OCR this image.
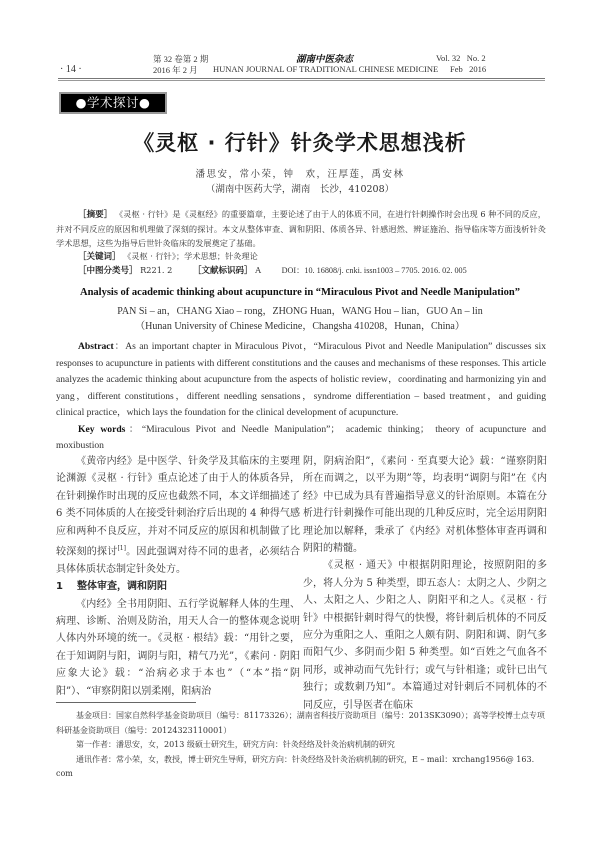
第 32 卷第 2 期	湖南中医杂志	Vol. 32   No. 2
· 14 ·	2016 年 2 月 HUNAN JOURNAL OF TRADITIONAL CHINESE MEDICINE Feb   2016
●学术探讨●
《灵枢 · 行针》针灸学术思想浅析
潘思安，常小荣，钟　欢，汪厚莲，禹安林
（湖南中医药大学，湖南　长沙，410208）
［摘要］ 《灵枢 · 行针》是《灵枢经》的重要篇章，主要论述了由于人的体质不同，在进行针刺操作时会出现 6 种不同的反应，并对不同反应的原因和机理做了深刻的探讨。本文从整体审查、调和阴阳、体质各异、针感迥然、辨证施治、指导临床等方面浅析针灸学术思想，这些为指导后世针灸临床的发展奠定了基础。
［关键词］ 《灵枢 · 行针》；学术思想；针灸理论
［中图分类号］ R221. 2 ［文献标识码］ A	DOI：10. 16808/j. cnki. issn1003 – 7705. 2016. 02. 005
Analysis of academic thinking about acupuncture in “Miraculous Pivot and Needle Manipulation”
PAN Si – an，CHANG Xiao – rong，ZHONG Huan，WANG Hou – lian，GUO An – lin
（Hunan University of Chinese Medicine，Changsha 410208，Hunan，China）
Abstract：As an important chapter in Miraculous Pivot，“Miraculous Pivot and Needle Manipulation” discusses six responses to acupuncture in patients with different constitutions and the causes and mechanisms of these responses. This article analyzes the academic thinking about acupuncture from the aspects of holistic review，coordinating and harmonizing yin and yang，different constitutions，different needling sensations，syndrome differentiation – based treatment，and guiding clinical practice，which lays the foundation for the clinical development of acupuncture.
Key words：“Miraculous Pivot and Needle Manipulation”； academic thinking； theory of acupuncture and moxibustion

《黄帝内经》是中医学、针灸学及其临床的主要理论渊源《灵枢 · 行针》重点论述了由于人的体质各异，在针刺操作时出现的反应也截然不同，本文详细描述了 6 类不同体质的人在接受针刺治疗后出现的 4 种得气感应和两种不良反应，并对不同反应的原因和机制做了比较深刻的探讨[1]。因此强调对待不同的患者，必须结合具体体质状态制定针灸处方。

1 整体审查，调和阴阳

《内经》全书用阴阳、五行学说解释人体的生理、病理、诊断、治则及防治，用天人合一的整体观念说明人体内外环境的统一。《灵枢 · 根结》载：“用针之要，在于知调阴与阳，调阴与阳，精气乃光”，《素问 · 阴阳应象大论》载：“治病必求于本也”（“本”指“阴阳”）、“审察阴阳以别柔刚，阳病治

阴，阴病治阳”，《素问 · 至真要大论》载：“谨察阴阳所在而调之，以平为期”等，均表明“调阴与阳”在《内经》中已成为具有普遍指导意义的针治原则。本篇在分析进行针刺操作可能出现的几种反应时，完全运用阴阳理论加以解释，秉承了《内经》对机体整体审查再调和阴阳的精髓。

《灵枢 · 通天》中根据阴阳理论，按照阴阳的多少，将人分为 5 种类型，即五态人：太阴之人、少阴之人、太阳之人、少阳之人、阴阳平和之人。《灵枢 · 行针》中根据针刺时得气的快慢，将针刺后机体的不同反应分为重阳之人、重阳之人颇有阴、阴阳和调、阴气多而阳气少、多阴而少阳 5 种类型。如“百姓之气血各不同形，或神动而气先针行；或气与针相逢；或针已出气独行；或数刺乃知”。本篇通过对针刺后不同机体的不同反应，引导医者在临床

基金项目：国家自然科学基金资助项目（编号：81173326）；湖南省科技厅资助项目（编号：2013SK3090）；高等学校博士点专项科研基金资助项目（编号：20124323110001）

第一作者：潘思安，女，2013 级硕士研究生，研究方向：针灸经络及针灸治病机制的研究

通讯作者：常小荣，女，教授，博士研究生导师，研究方向：针灸经络及针灸治病机制的研究，E – mail：xrchang1956@ 163. com
